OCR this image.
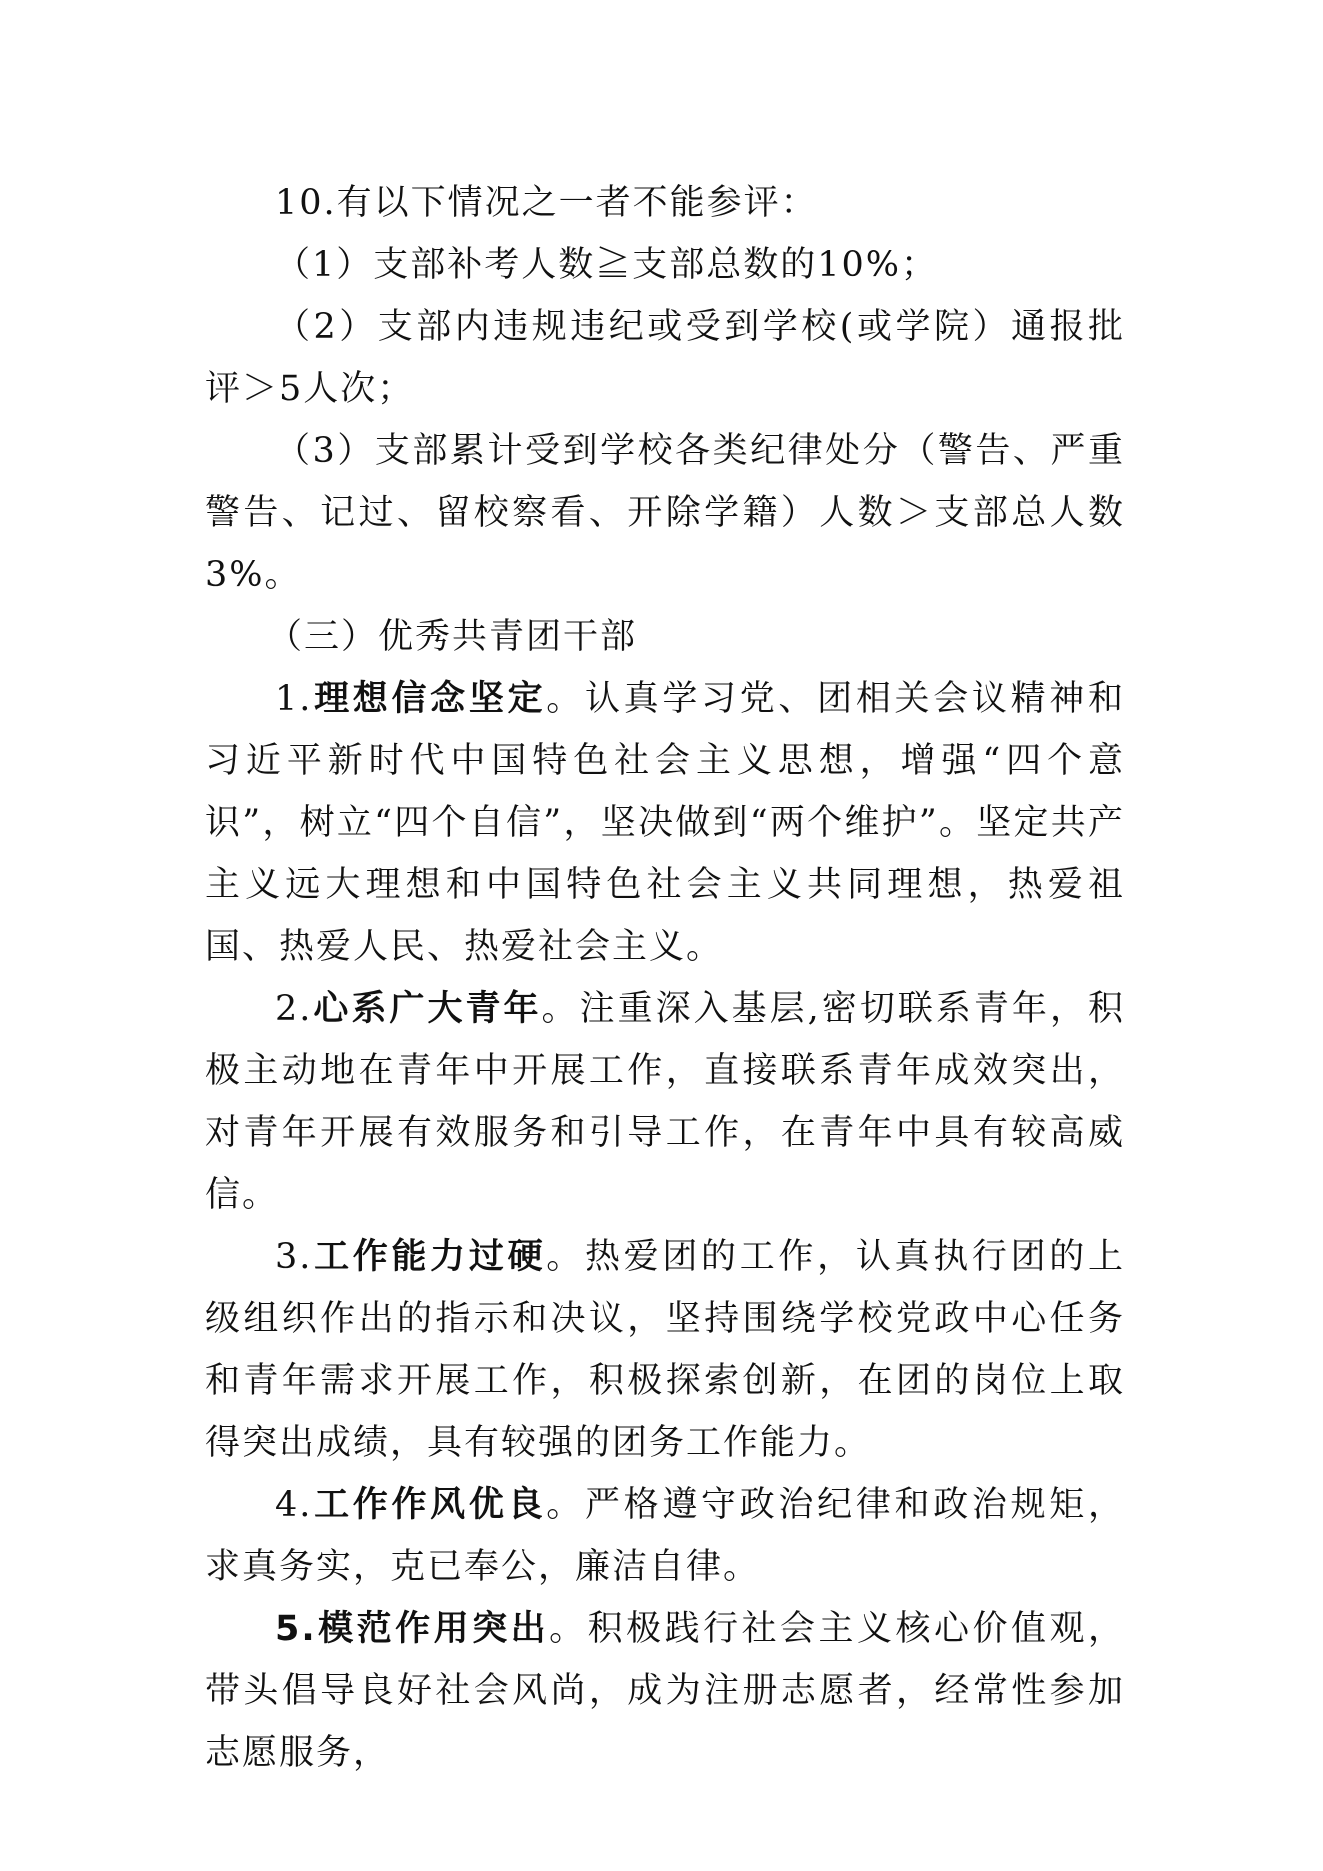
10.有以下情况之一者不能参评：

（1）支部补考人数≧支部总数的10%；

（2）支部内违规违纪或受到学校(或学院）通报批评＞5人次；

（3）支部累计受到学校各类纪律处分（警告、严重警告、记过、留校察看、开除学籍）人数＞支部总人数3%。

（三）优秀共青团干部

1.理想信念坚定。认真学习党、团相关会议精神和习近平新时代中国特色社会主义思想，增强“四个意识”，树立“四个自信”，坚决做到“两个维护”。坚定共产主义远大理想和中国特色社会主义共同理想，热爱祖国、热爱人民、热爱社会主义。

2.心系广大青年。注重深入基层,密切联系青年，积极主动地在青年中开展工作，直接联系青年成效突出，对青年开展有效服务和引导工作，在青年中具有较高威信。

3.工作能力过硬。热爱团的工作，认真执行团的上级组织作出的指示和决议，坚持围绕学校党政中心任务和青年需求开展工作，积极探索创新，在团的岗位上取得突出成绩，具有较强的团务工作能力。

4.工作作风优良。严格遵守政治纪律和政治规矩，求真务实，克已奉公，廉洁自律。

5.模范作用突出。积极践行社会主义核心价值观，带头倡导良好社会风尚，成为注册志愿者，经常性参加志愿服务，
